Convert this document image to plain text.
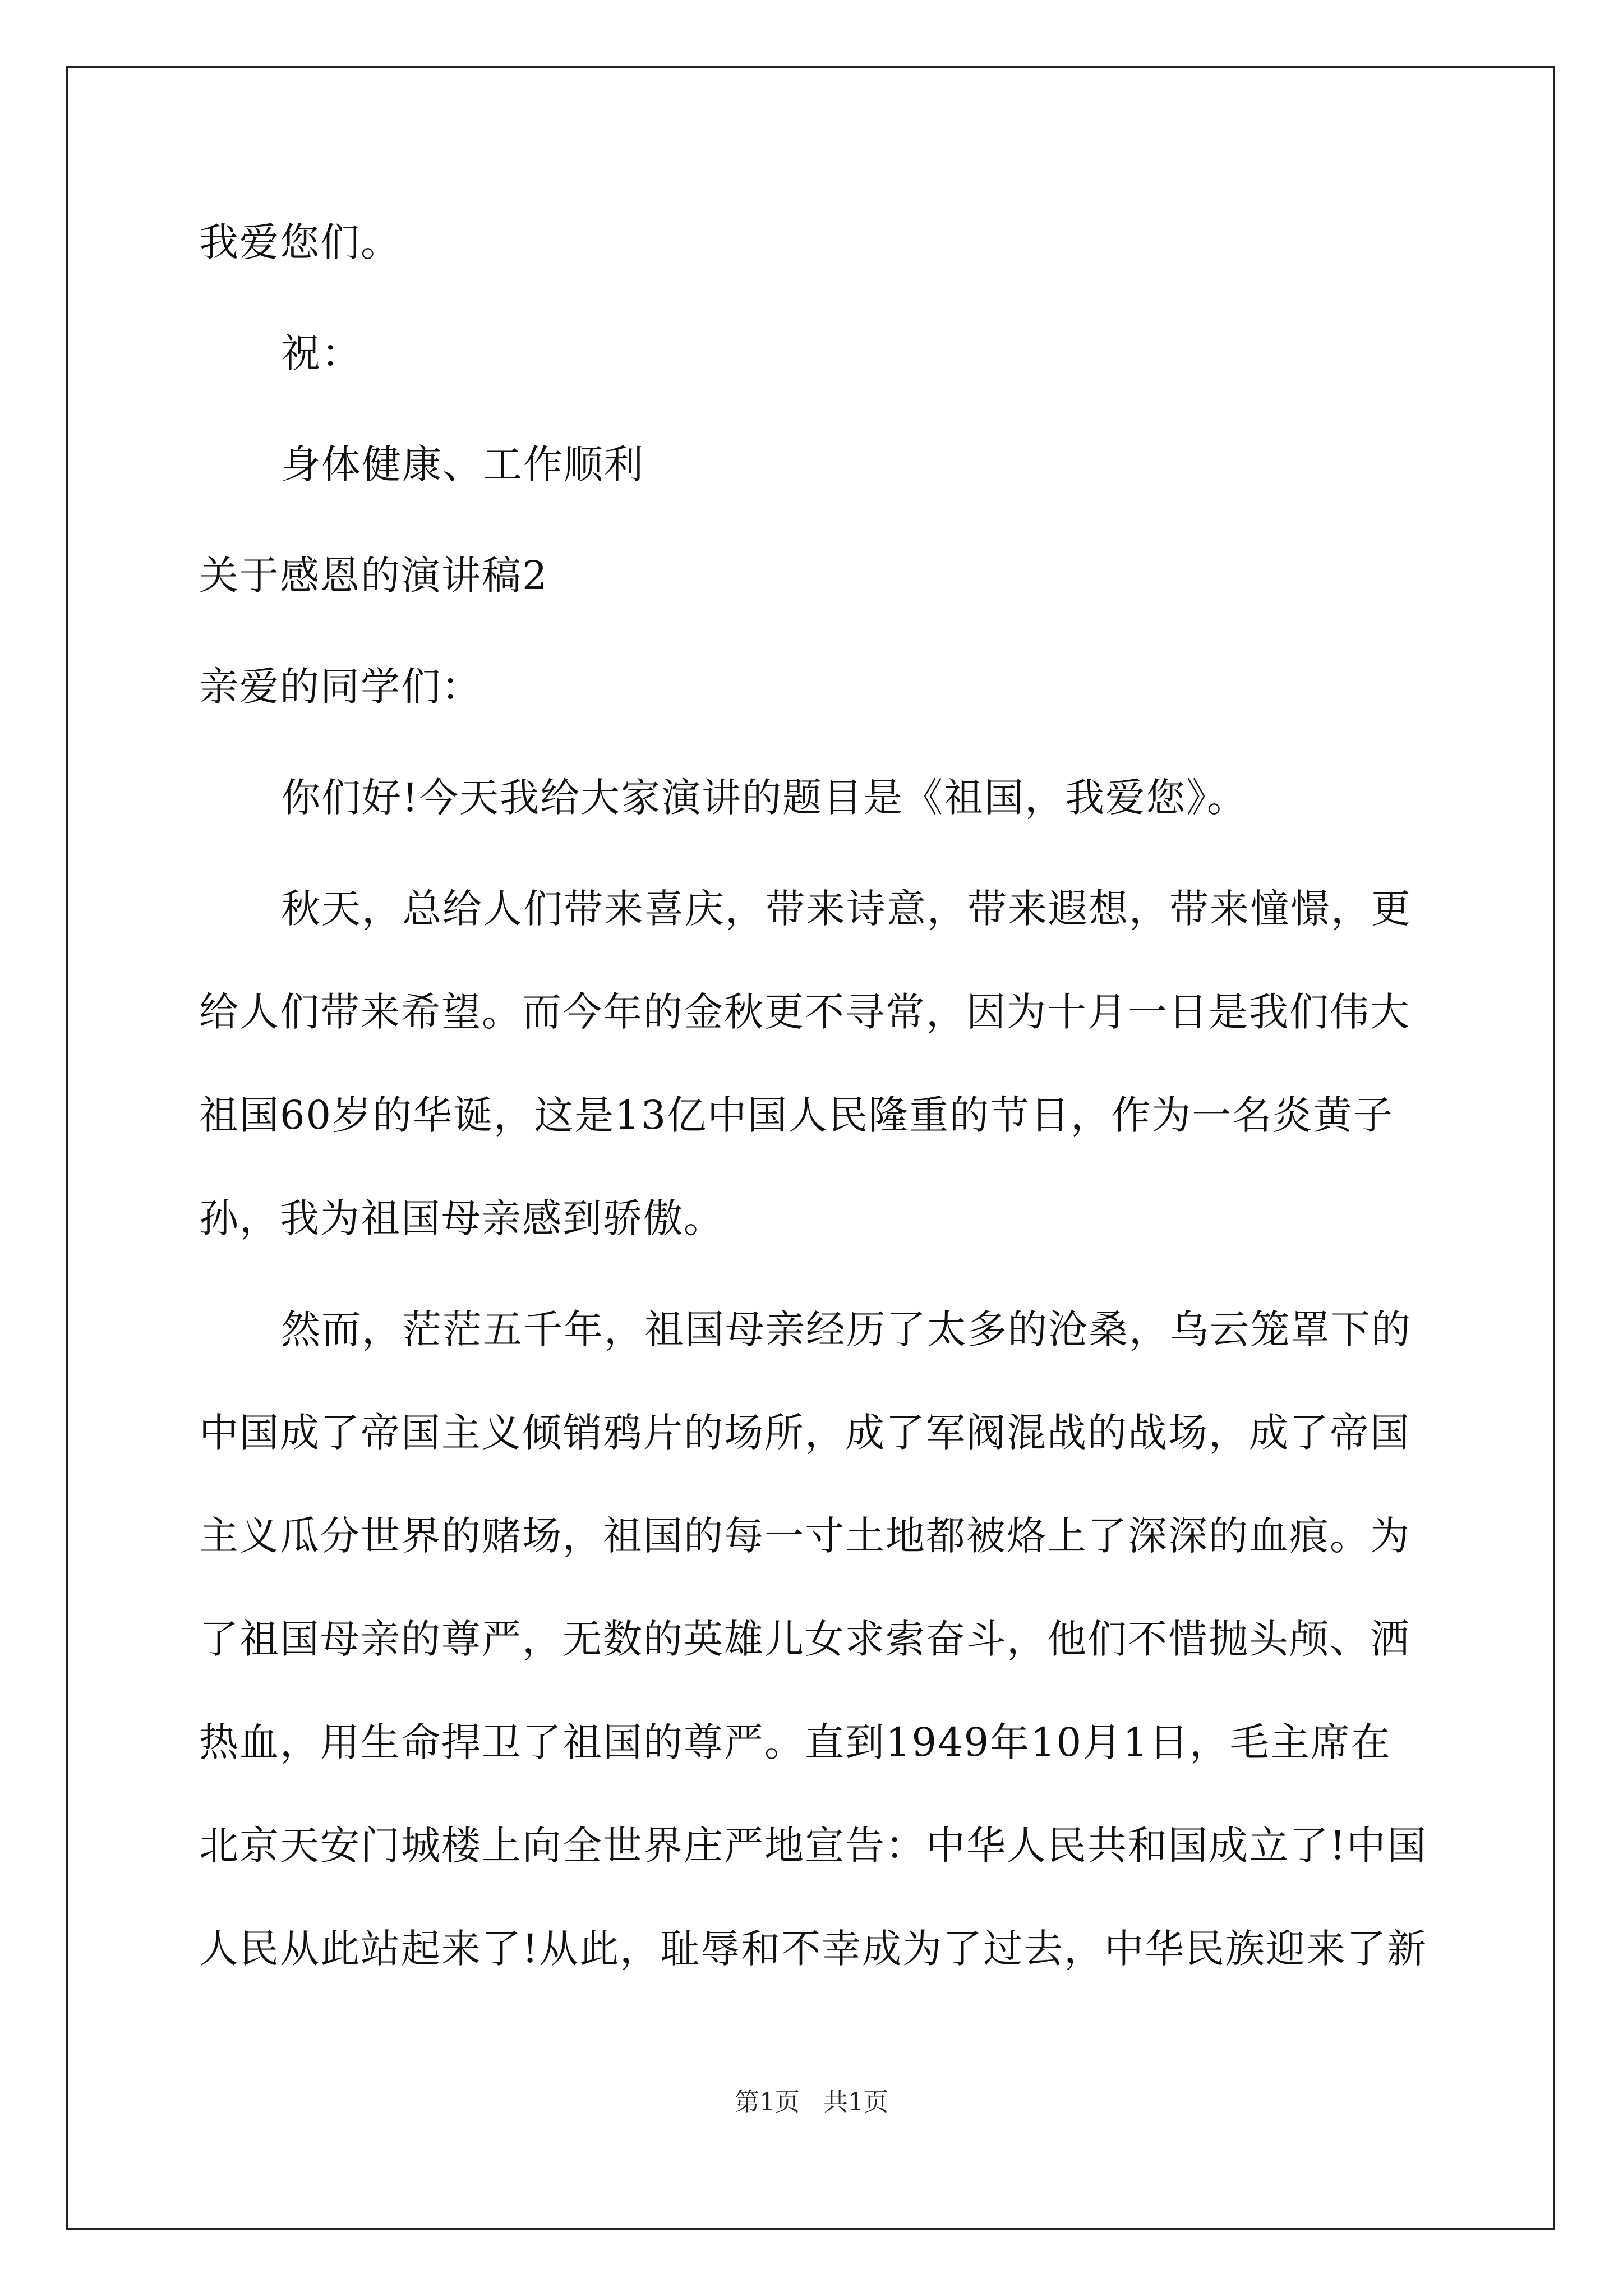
我爱您们。
祝：
身体健康、工作顺利
关于感恩的演讲稿2
亲爱的同学们：
你们好!今天我给大家演讲的题目是《祖国，我爱您》。
秋天，总给人们带来喜庆，带来诗意，带来遐想，带来憧憬，更
给人们带来希望。而今年的金秋更不寻常，因为十月一日是我们伟大
祖国60岁的华诞，这是13亿中国人民隆重的节日，作为一名炎黄子
孙，我为祖国母亲感到骄傲。
然而，茫茫五千年，祖国母亲经历了太多的沧桑，乌云笼罩下的
中国成了帝国主义倾销鸦片的场所，成了军阀混战的战场，成了帝国
主义瓜分世界的赌场，祖国的每一寸土地都被烙上了深深的血痕。为
了祖国母亲的尊严，无数的英雄儿女求索奋斗，他们不惜抛头颅、洒
热血，用生命捍卫了祖国的尊严。直到1949年10月1日，毛主席在
北京天安门城楼上向全世界庄严地宣告：中华人民共和国成立了!中国
人民从此站起来了!从此，耻辱和不幸成为了过去，中华民族迎来了新
第1页   共1页
